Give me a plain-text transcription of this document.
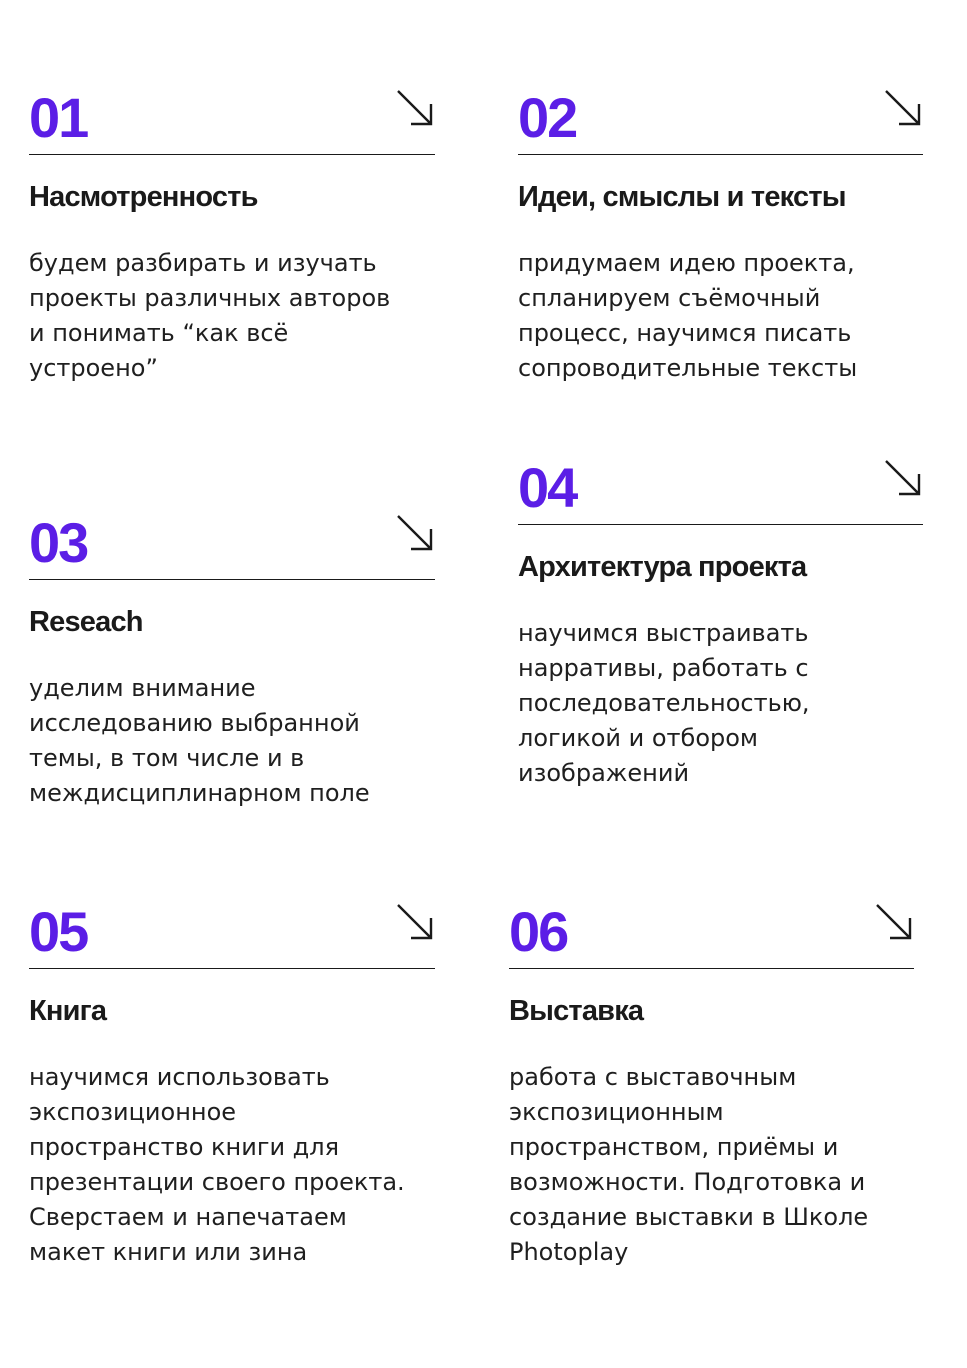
01
Насмотренность
будем разбирать и изучать
проекты различных авторов
и понимать “как всё
устроено”
02
Идеи, смыслы и тексты
придумаем идею проекта,
спланируем съёмочный
процесс, научимся писать
сопроводительные тексты
03
Reseach
уделим внимание
исследованию выбранной
темы, в том числе и в
междисциплинарном поле
04
Архитектура проекта
научимся выстраивать
нарративы, работать с
последовательностью,
логикой и отбором
изображений
05
Книга
научимся использовать
экспозиционное
пространство книги для
презентации своего проекта.
Сверстаем и напечатаем
макет книги или зина
06
Выставка
работа с выставочным
экспозиционным
пространством, приёмы и
возможности. Подготовка и
создание выставки в Школе
Photoplay
